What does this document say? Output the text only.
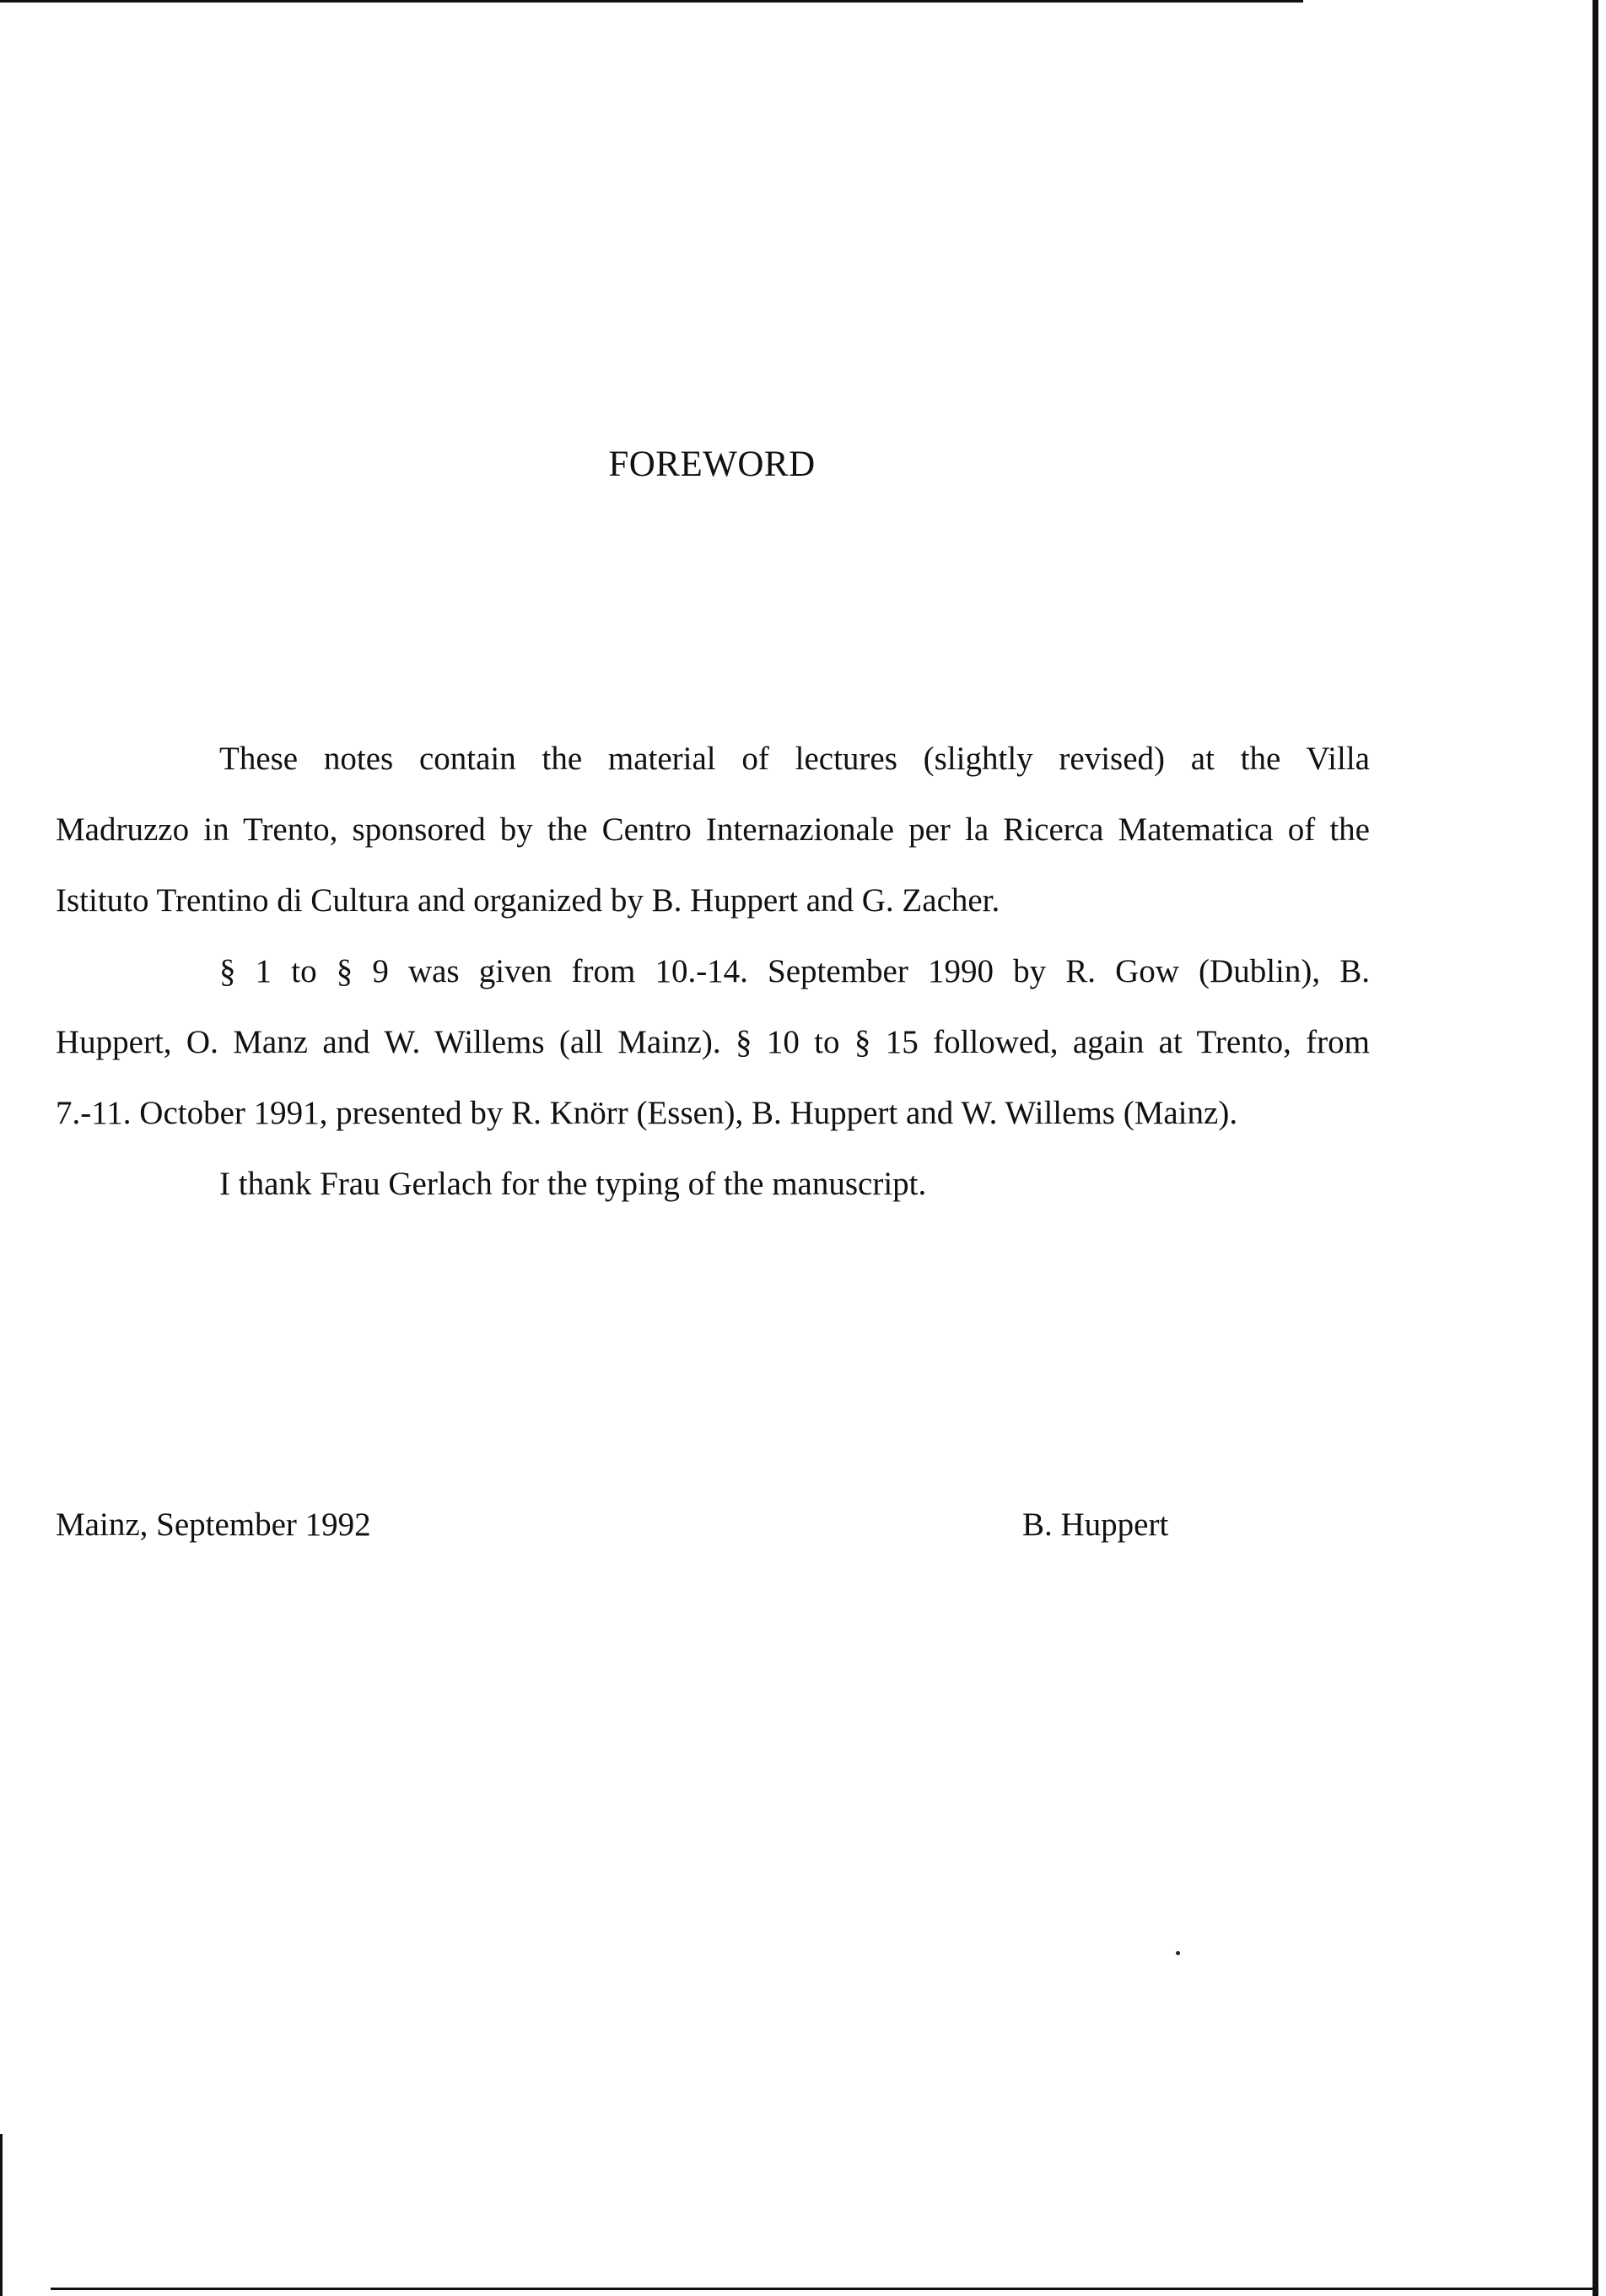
FOREWORD

These notes contain the material of lectures (slightly revised) at the Villa
Madruzzo in Trento, sponsored by the Centro Internazionale per la Ricerca Matematica of the
Istituto Trentino di Cultura and organized by B. Huppert and G. Zacher.

§ 1 to § 9 was given from 10.-14. September 1990 by R. Gow (Dublin), B.
Huppert, O. Manz and W. Willems (all Mainz). § 10 to § 15 followed, again at Trento, from
7.-11. October 1991, presented by R. Knörr (Essen), B. Huppert and W. Willems (Mainz).

I thank Frau Gerlach for the typing of the manuscript.

Mainz, September 1992	B. Huppert
